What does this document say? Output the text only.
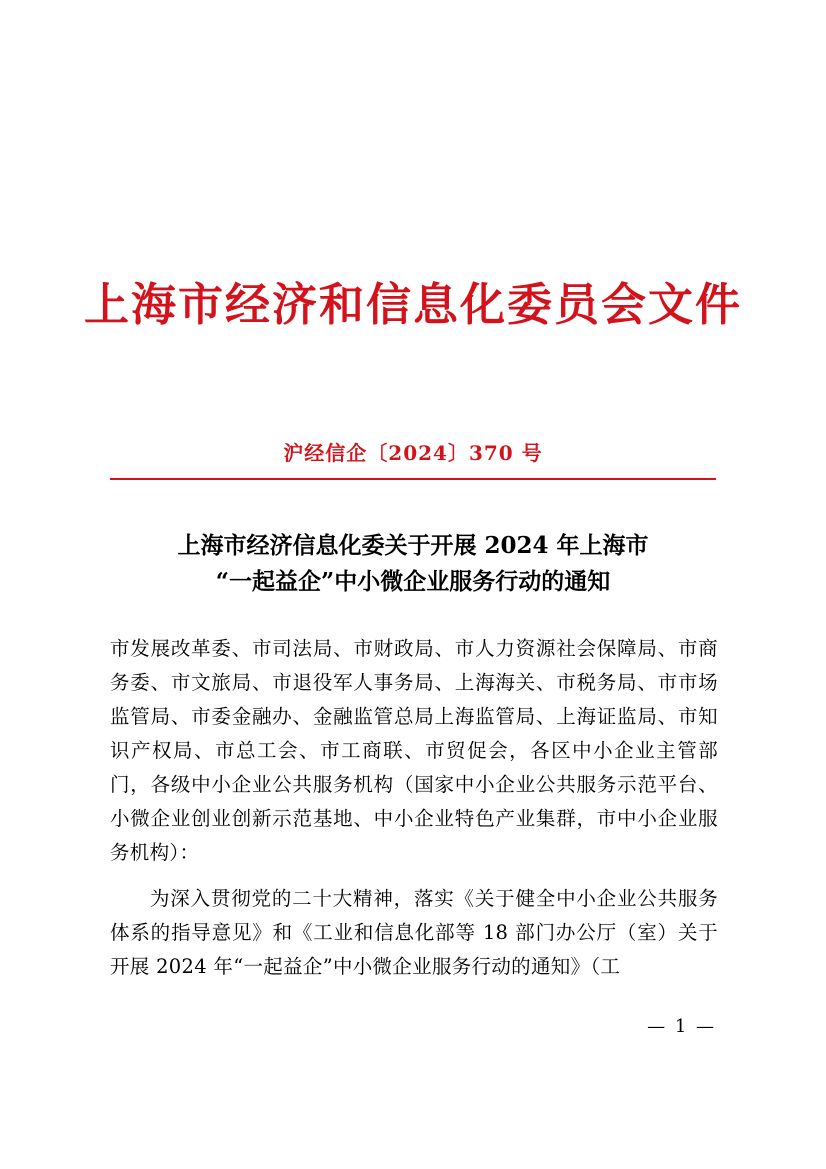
上海市经济和信息化委员会文件
沪经信企〔2024〕370 号
上海市经济信息化委关于开展 2024 年上海市
“一起益企”中小微企业服务行动的通知

市发展改革委、市司法局、市财政局、市人力资源社会保障局、市商务委、市文旅局、市退役军人事务局、上海海关、市税务局、市市场监管局、市委金融办、金融监管总局上海监管局、上海证监局、市知识产权局、市总工会、市工商联、市贸促会，各区中小企业主管部门，各级中小企业公共服务机构（国家中小企业公共服务示范平台、小微企业创业创新示范基地、中小企业特色产业集群，市中小企业服务机构）：

为深入贯彻党的二十大精神，落实《关于健全中小企业公共服务体系的指导意见》和《工业和信息化部等 18 部门办公厅（室）关于开展 2024 年“一起益企”中小微企业服务行动的通知》（工

— 1 —
